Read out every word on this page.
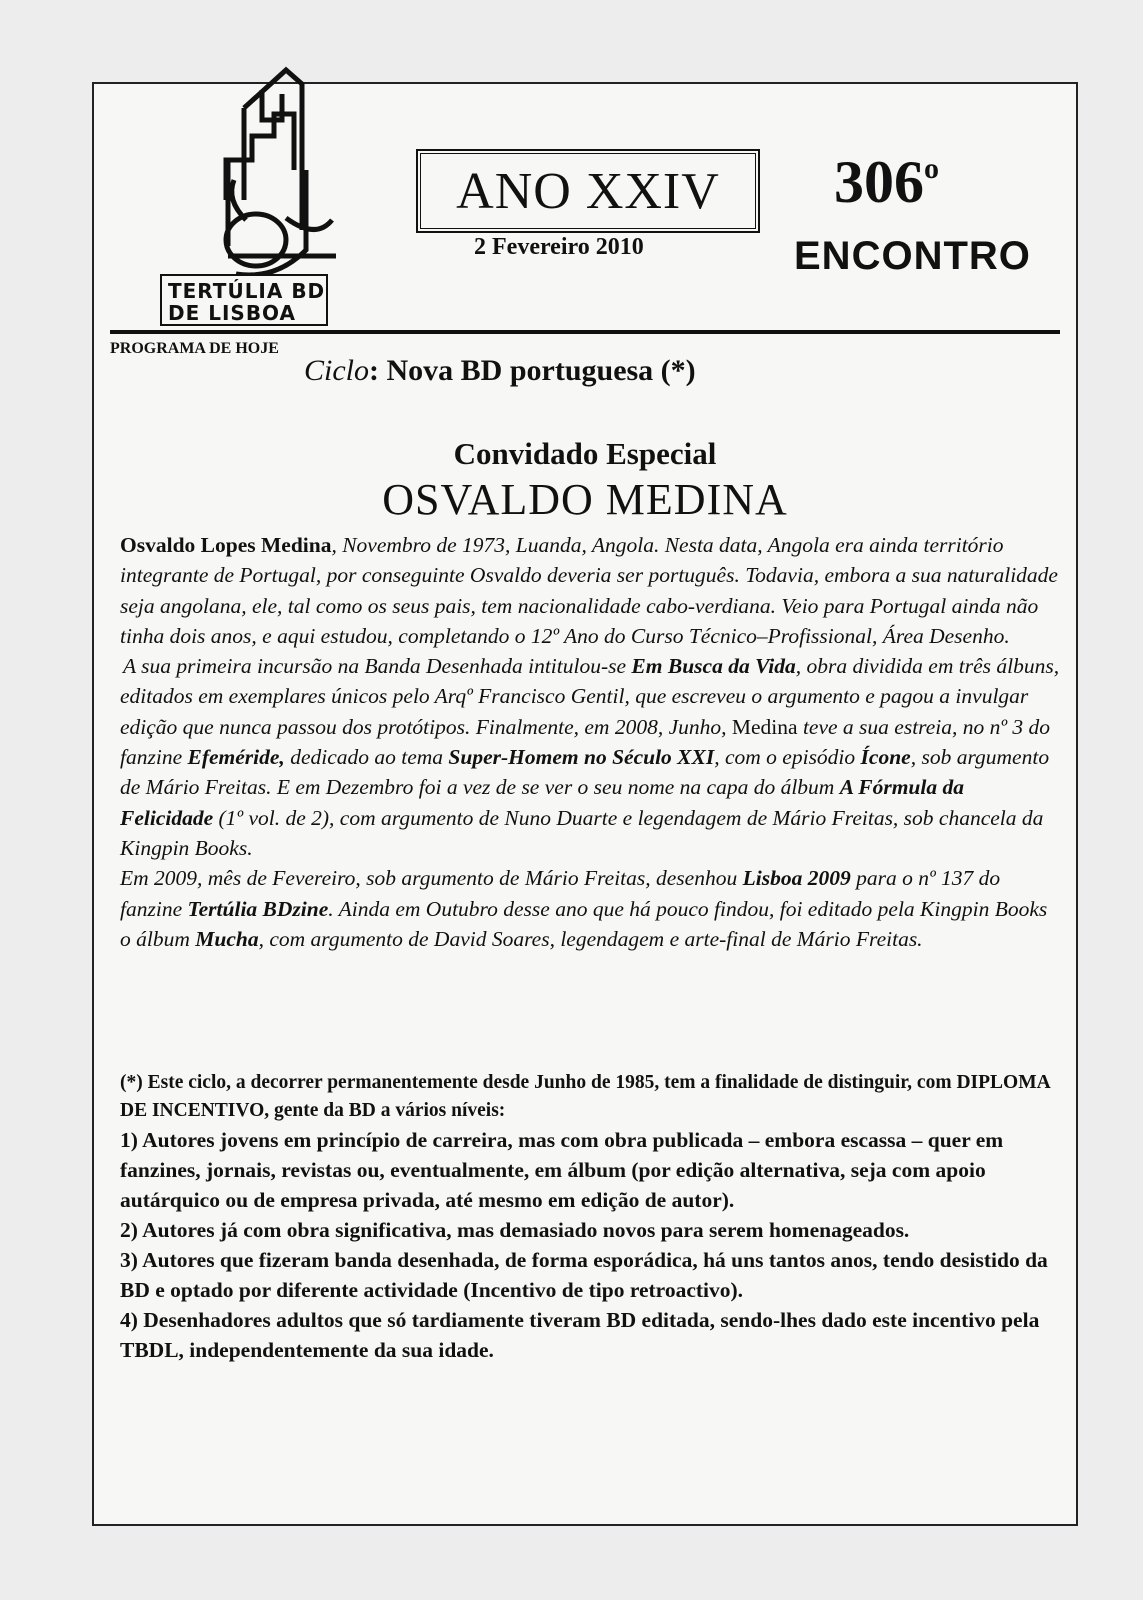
TERTÚLIA BD
DE LISBOA
ANO XXIV
2 Fevereiro 2010
306$^o$
ENCONTRO
PROGRAMA DE HOJE
Ciclo: Nova BD portuguesa (*)
Convidado Especial
OSVALDO MEDINA

Osvaldo Lopes Medina, Novembro de 1973, Luanda, Angola. Nesta data, Angola era ainda território integrante de Portugal, por conseguinte Osvaldo deveria ser português. Todavia, embora a sua naturalidade seja angolana, ele, tal como os seus pais, tem nacionalidade cabo-verdiana. Veio para Portugal ainda não tinha dois anos, e aqui estudou, completando o 12º Ano do Curso Técnico–Profissional, Área Desenho.

A sua primeira incursão na Banda Desenhada intitulou-se Em Busca da Vida, obra dividida em três álbuns, editados em exemplares únicos pelo Arqº Francisco Gentil, que escreveu o argumento e pagou a invulgar edição que nunca passou dos protótipos. Finalmente, em 2008, Junho, Medina teve a sua estreia, no nº 3 do fanzine Efeméride, dedicado ao tema Super-Homem no Século XXI, com o episódio Ícone, sob argumento de Mário Freitas. E em Dezembro foi a vez de se ver o seu nome na capa do álbum A Fórmula da Felicidade (1º vol. de 2), com argumento de Nuno Duarte e legendagem de Mário Freitas, sob chancela da Kingpin Books.

Em 2009, mês de Fevereiro, sob argumento de Mário Freitas, desenhou Lisboa 2009 para o nº 137 do fanzine Tertúlia BDzine. Ainda em Outubro desse ano que há pouco findou, foi editado pela Kingpin Books o álbum Mucha, com argumento de David Soares, legendagem e arte-final de Mário Freitas.

(*) Este ciclo, a decorrer permanentemente desde Junho de 1985, tem a finalidade de distinguir, com DIPLOMA DE INCENTIVO, gente da BD a vários níveis:

1) Autores jovens em princípio de carreira, mas com obra publicada – embora escassa – quer em fanzines, jornais, revistas ou, eventualmente, em álbum (por edição alternativa, seja com apoio autárquico ou de empresa privada, até mesmo em edição de autor).

2) Autores já com obra significativa, mas demasiado novos para serem homenageados.

3) Autores que fizeram banda desenhada, de forma esporádica, há uns tantos anos, tendo desistido da BD e optado por diferente actividade (Incentivo de tipo retroactivo).

4) Desenhadores adultos que só tardiamente tiveram BD editada, sendo-lhes dado este incentivo pela TBDL, independentemente da sua idade.
